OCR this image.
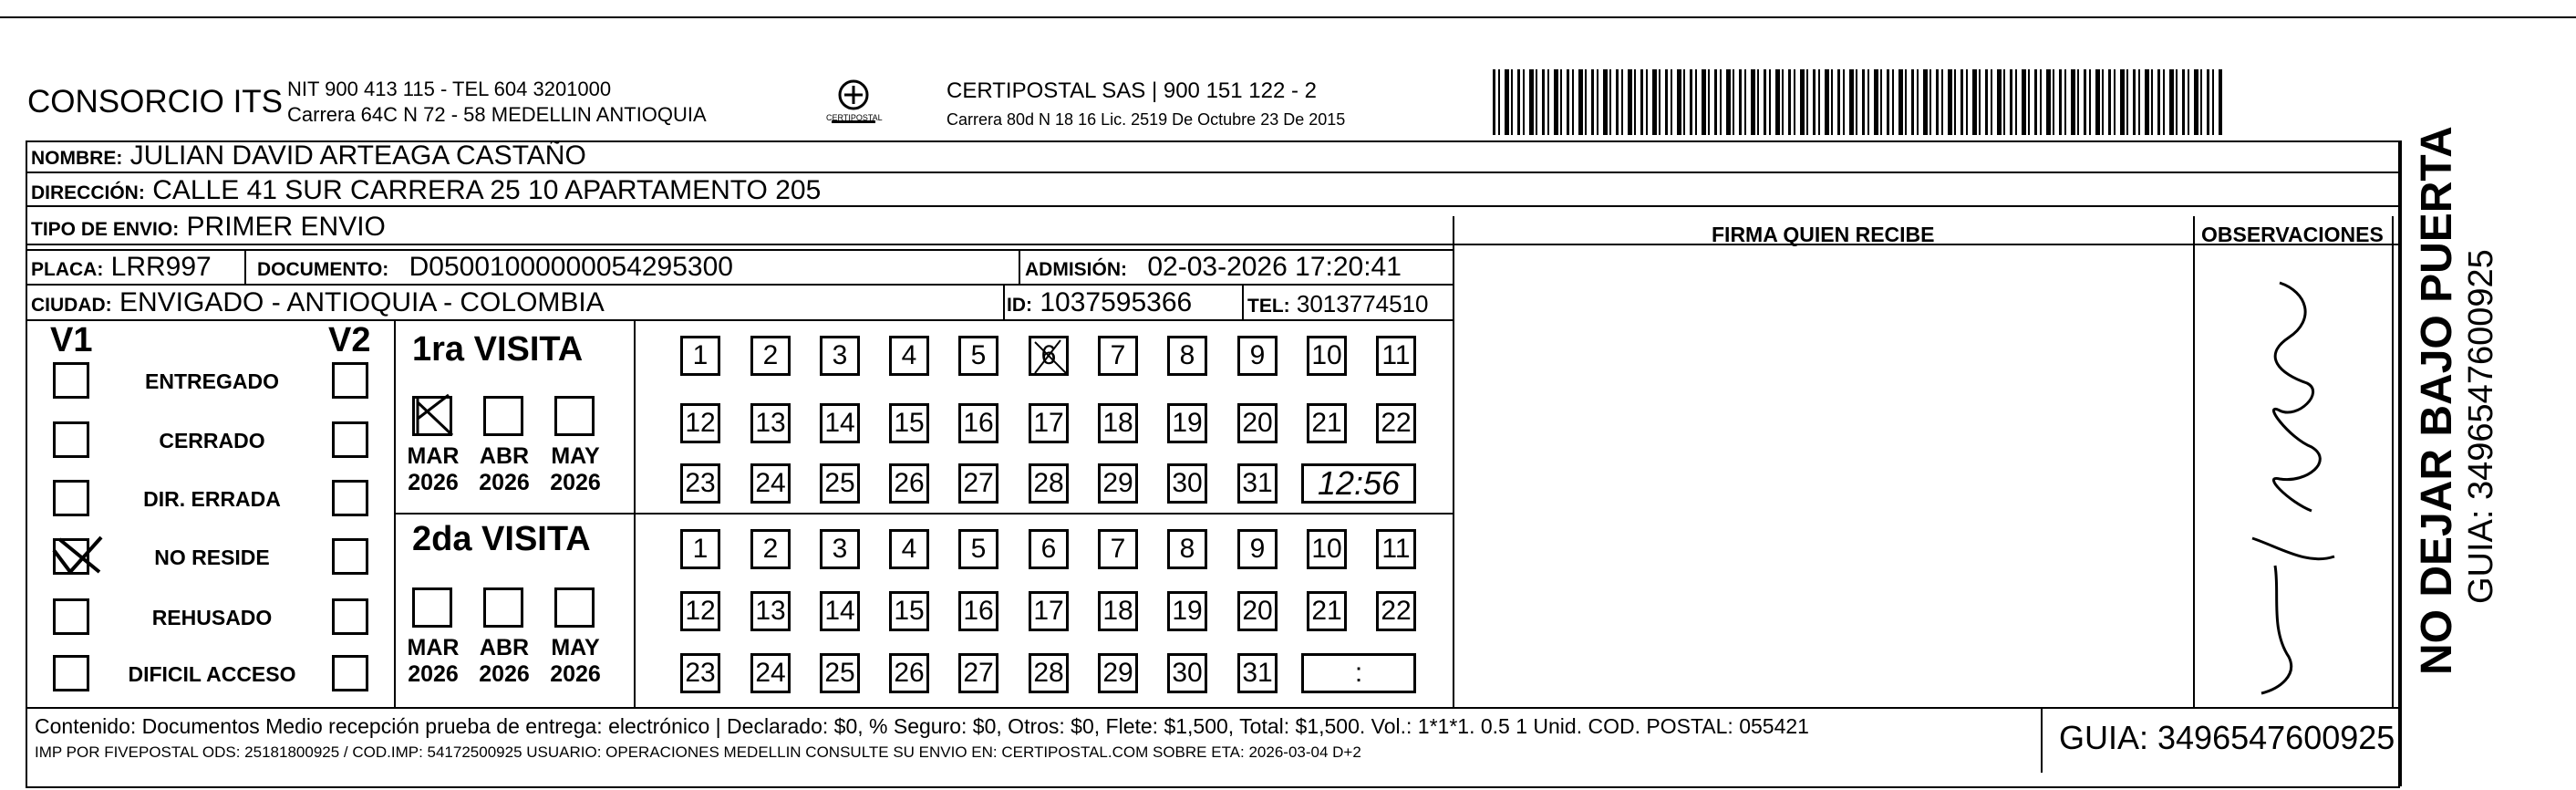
CONSORCIO ITS NIT 900 413 115 - TEL 604 3201000
Carrera 64C N 72 - 58 MEDELLIN ANTIOQUIA	CERTIPOSTAL
CERTIPOSTAL SAS | 900 151 122 - 2
Carrera 80d N 18 16 Lic. 2519 De Octubre 23 De 2015
NOMBRE: JULIAN DAVID ARTEAGA CASTAÑO
DIRECCIÓN: CALLE 41 SUR CARRERA 25 10 APARTAMENTO 205
TIPO DE ENVIO: PRIMER ENVIO	FIRMA QUIEN RECIBE	OBSERVACIONES
PLACA: LRR997 DOCUMENTO: D05001000000054295300	ADMISIÓN: 02-03-2026 17:20:41
CIUDAD: ENVIGADO - ANTIOQUIA - COLOMBIA	ID: 1037595366	TEL: 3013774510
V1	V2
ENTREGADO
CERRADO
DIR. ERRADA
NO RESIDE
REHUSADO
DIFICIL ACCESO
1ra VISITA
2da VISITA
MAR
2026
ABR
2026
MAY
2026
1	2	3	4	5	6	7	8	9	10 11
12 13 14 15 16 17 18 19 20 21 22
23 24 25 26 27 28 29 30 31	12:56
MAR
2026
ABR
2026
MAY
2026
1	2	3	4	5	6	7	8	9	10 11
12 13 14 15 16 17 18 19 20 21 22
23 24 25 26 27 28 29 30 31	:
Contenido: Documentos Medio recepción prueba de entrega: electrónico | Declarado: $0, % Seguro: $0, Otros: $0, Flete: $1,500, Total: $1,500. Vol.: 1*1*1. 0.5 1 Unid. COD. POSTAL: 055421
IMP POR FIVEPOSTAL ODS: 25181800925 / COD.IMP: 54172500925 USUARIO: OPERACIONES MEDELLIN CONSULTE SU ENVIO EN: CERTIPOSTAL.COM SOBRE ETA: 2026-03-04 D+2	GUIA: 3496547600925
NO DEJAR BAJO PUERTA GUIA: 3496547600925
